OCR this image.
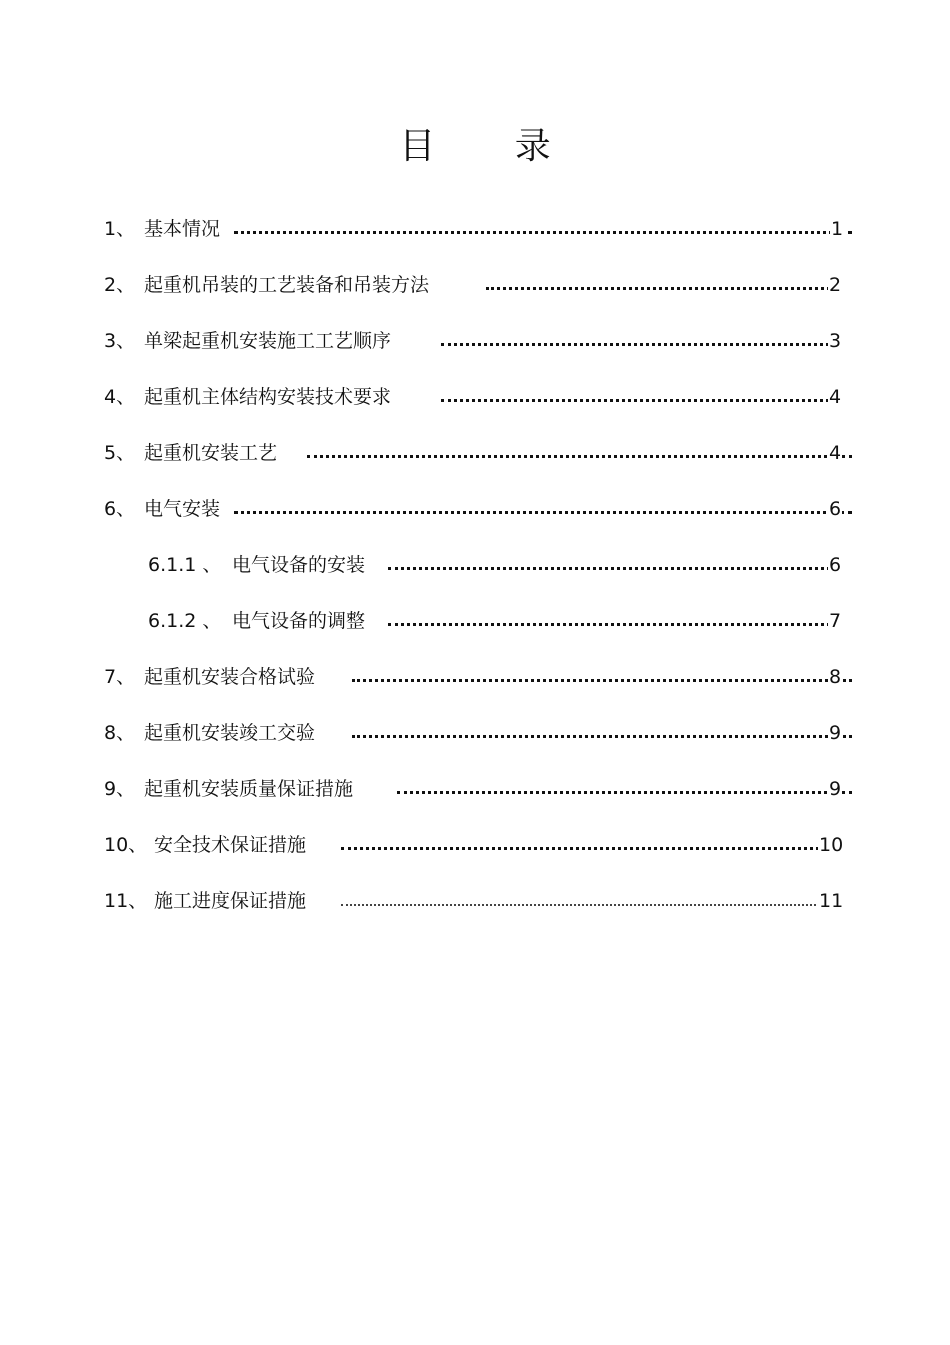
目 录
1、 基本情况	1
2、 起重机吊装的工艺装备和吊装方法	2
3、 单梁起重机安装施工工艺顺序	3
4、 起重机主体结构安装技术要求	4
5、 起重机安装工艺	4
6、 电气安装	6
6.1.1 、 电气设备的安装	6
6.1.2 、 电气设备的调整	7
7、 起重机安装合格试验	8
8、 起重机安装竣工交验	9
9、 起重机安装质量保证措施	9
10、 安全技术保证措施	10
11、 施工进度保证措施	11
